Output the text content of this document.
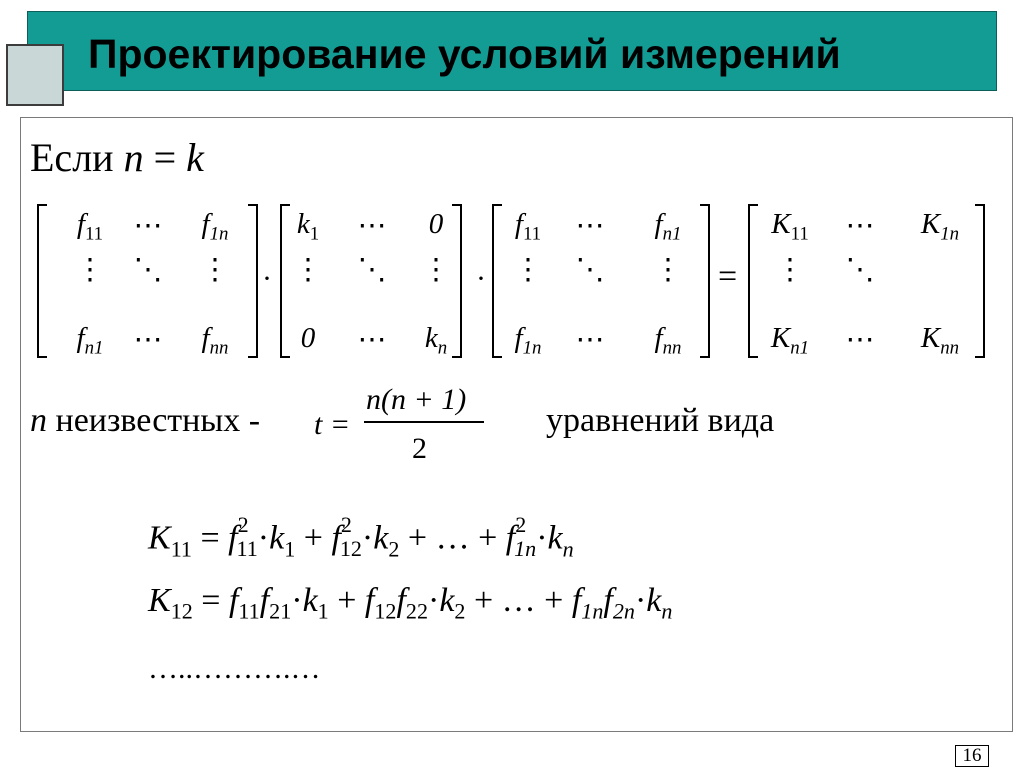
Проектирование условий измерений
Если n = k
$f_{11}$ ⋯ $f_{1n}$
⋮ ⋱ ⋮
$f_{n1}$ ⋯ $f_{nn}$
$k_1$ ⋯ 0
⋮ ⋱ ⋮
0 ⋯ $k_n$
$f_{11}$ ⋯ $f_{n1}$
⋮ ⋱ ⋮
$f_{1n}$ ⋯ $f_{nn}$
$K_{11}$ ⋯ $K_{1n}$
⋮ ⋱
$K_{n1}$ ⋯ $K_{nn}$
·	·	=
n неизвестных - t =
n(n + 1)
2
уравнений вида
$K_{11} = f^2_{11}\cdot k_1 + f^2_{12}\cdot k_2$ + … + $f^2_{1n}\cdot k_n$
$K_{12} = f_{11}f_{21}\cdot k_1 + f_{12}f_{22}\cdot k_2$ + … + $f_{1n}f_{2n}\cdot k_n$
…..……….…
16
